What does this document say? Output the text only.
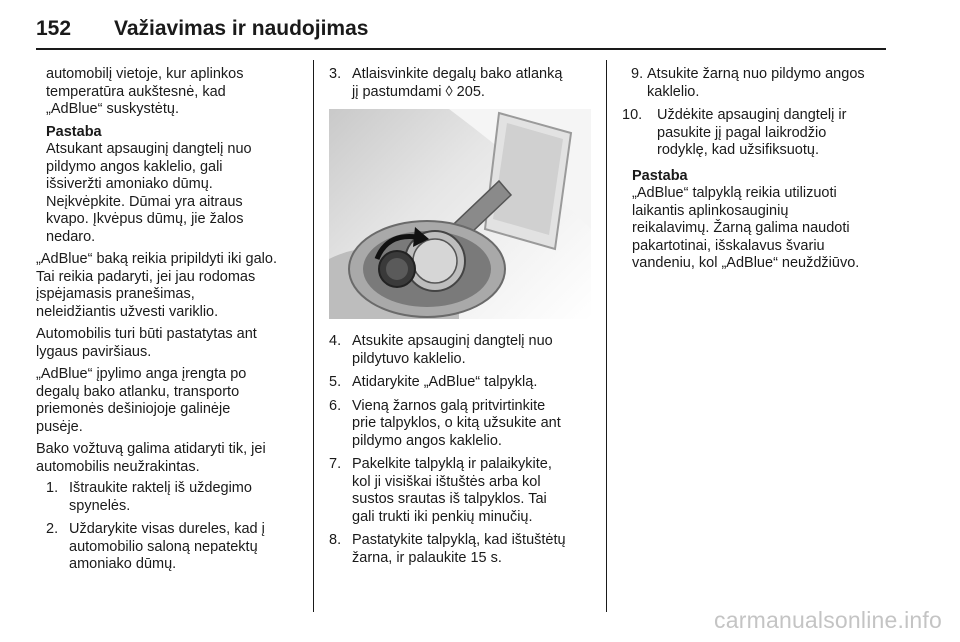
152 Važiavimas ir naudojimas

automobilį vietoje, kur aplinkos
temperatūra aukštesnė, kad
„AdBlue“ suskystėtų.

Pastaba
Atsukant apsauginį dangtelį nuo
pildymo angos kaklelio, gali
išsiveržti amoniako dūmų.
Neįkvėpkite. Dūmai yra aitraus
kvapo. Įkvėpus dūmų, jie žalos
nedaro.

„AdBlue“ baką reikia pripildyti iki galo.
Tai reikia padaryti, jei jau rodomas
įspėjamasis pranešimas,
neleidžiantis užvesti variklio.

Automobilis turi būti pastatytas ant
lygaus paviršiaus.

„AdBlue“ įpylimo anga įrengta po
degalų bako atlanku, transporto
priemonės dešiniojoje galinėje
pusėje.

Bako vožtuvą galima atidaryti tik, jei
automobilis neužrakintas.

1. Ištraukite raktelį iš uždegimo
spynelės.
2. Uždarykite visas dureles, kad į
automobilio saloną nepatektų
amoniako dūmų.
3. Atlaisvinkite degalų bako atlanką
jį pastumdami ◊ 205.
4. Atsukite apsauginį dangtelį nuo
pildytuvo kaklelio.
5. Atidarykite „AdBlue“ talpyklą.
6. Vieną žarnos galą pritvirtinkite
prie talpyklos, o kitą užsukite ant
pildymo angos kaklelio.
7. Pakelkite talpyklą ir palaikykite,
kol ji visiškai ištuštės arba kol
sustos srautas iš talpyklos. Tai
gali trukti iki penkių minučių.
8. Pastatykite talpyklą, kad ištuštėtų
žarna, ir palaukite 15 s.
9. Atsukite žarną nuo pildymo angos
kaklelio.
10. Uždėkite apsauginį dangtelį ir
pasukite jį pagal laikrodžio
rodyklę, kad užsifiksuotų.
Pastaba
„AdBlue“ talpyklą reikia utilizuoti
laikantis aplinkosauginių
reikalavimų. Žarną galima naudoti
pakartotinai, išskalavus švariu
vandeniu, kol „AdBlue“ neuždžiūvo.
carmanualsonline.info
